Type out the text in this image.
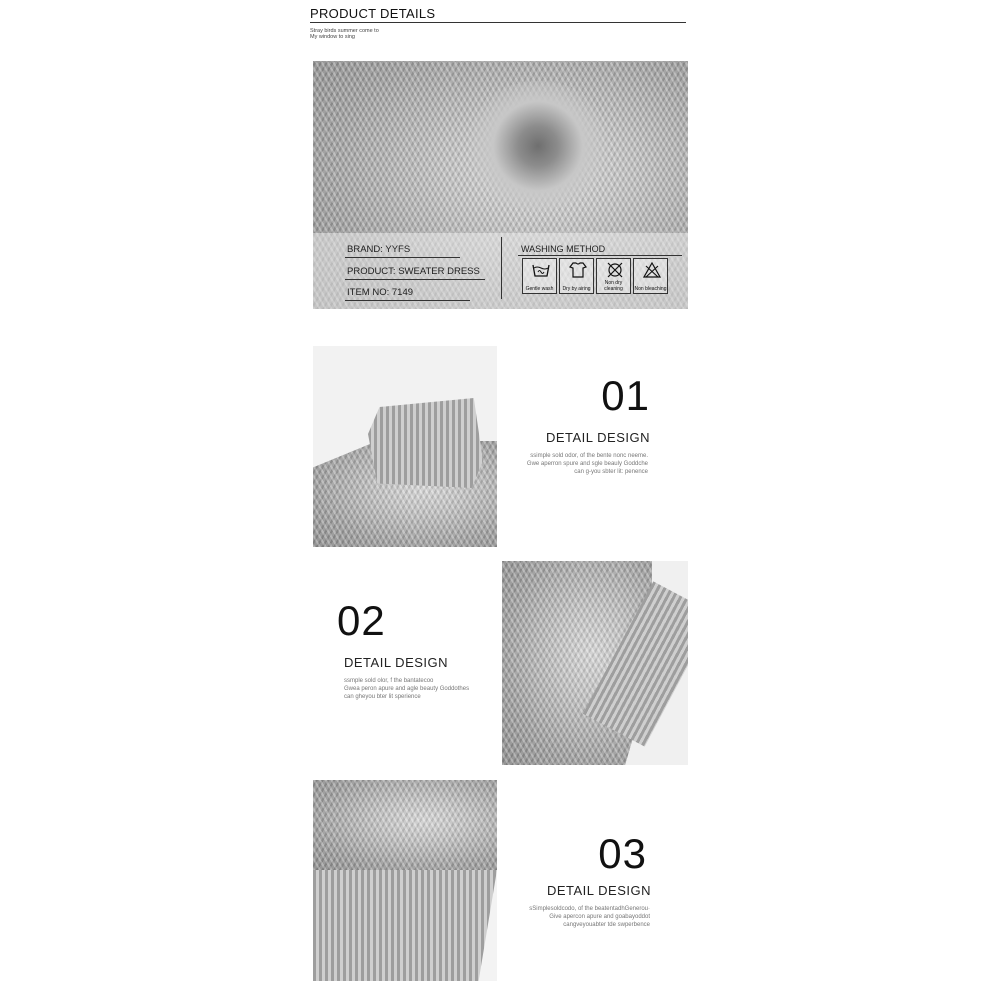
PRODUCT DETAILS
Stray birds summer come to
My window to sing
BRAND: YYFS
PRODUCT: SWEATER DRESS
ITEM NO: 7149
WASHING METHOD
Gentle wash	Dry by airing
Non dry cleaning	Non bleaching
01
DETAIL DESIGN
ssimple sold odor, of the bente nonc neeme.
Gwe aperron spure and sgle beauly Goddche
can g-you sbter lit: penence
02
DETAIL DESIGN
ssmple sold olor, f the bantatecoo
Gwea peron apure and agle beauty Goddothes
can gheyou bter lit sperience
03
DETAIL DESIGN
sSimplesoldcodo, of the beatentadhGenerou·
Give apercon apure and goabayoddot
cangveyouabter tde swperbence
